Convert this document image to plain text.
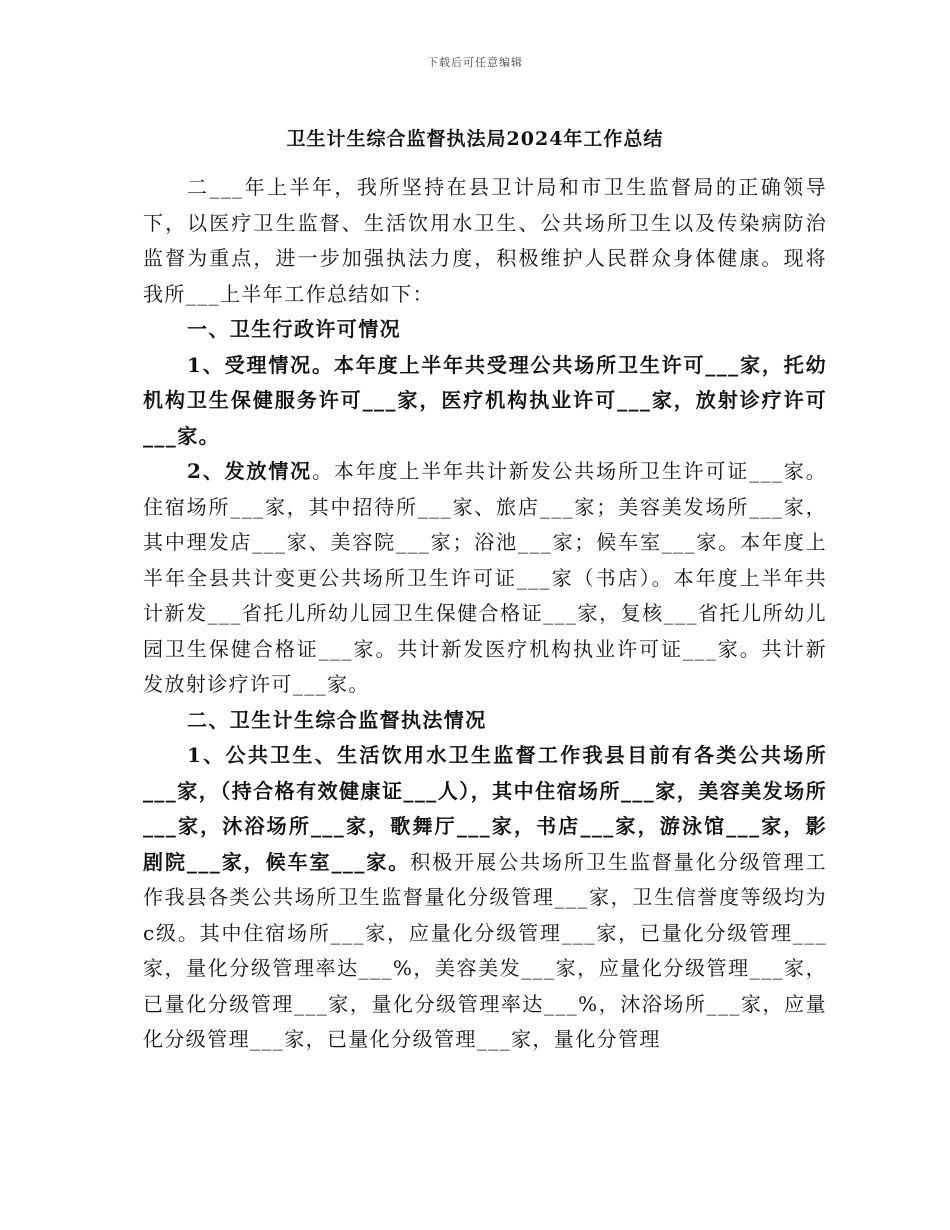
下载后可任意编辑
卫生计生综合监督执法局2024年工作总结

二___年上半年，我所坚持在县卫计局和市卫生监督局的正确领导下，以医疗卫生监督、生活饮用水卫生、公共场所卫生以及传染病防治监督为重点，进一步加强执法力度，积极维护人民群众身体健康。现将我所___上半年工作总结如下：

一、卫生行政许可情况

1、受理情况。本年度上半年共受理公共场所卫生许可___家，托幼机构卫生保健服务许可___家，医疗机构执业许可___家，放射诊疗许可___家。

2、发放情况。本年度上半年共计新发公共场所卫生许可证___家。住宿场所___家，其中招待所___家、旅店___家；美容美发场所___家，其中理发店___家、美容院___家；浴池___家；候车室___家。本年度上半年全县共计变更公共场所卫生许可证___家（书店）。本年度上半年共计新发___省托儿所幼儿园卫生保健合格证___家，复核___省托儿所幼儿园卫生保健合格证___家。共计新发医疗机构执业许可证___家。共计新发放射诊疗许可___家。

二、卫生计生综合监督执法情况

1、公共卫生、生活饮用水卫生监督工作我县目前有各类公共场所___家，（持合格有效健康证___人），其中住宿场所___家，美容美发场所___家，沐浴场所___家，歌舞厅___家，书店___家，游泳馆___家，影剧院___家，候车室___家。积极开展公共场所卫生监督量化分级管理工作我县各类公共场所卫生监督量化分级管理___家，卫生信誉度等级均为c级。其中住宿场所___家，应量化分级管理___家，已量化分级管理___家，量化分级管理率达___%，美容美发___家，应量化分级管理___家，已量化分级管理___家，量化分级管理率达___%，沐浴场所___家，应量化分级管理___家，已量化分级管理___家，量化分管理
